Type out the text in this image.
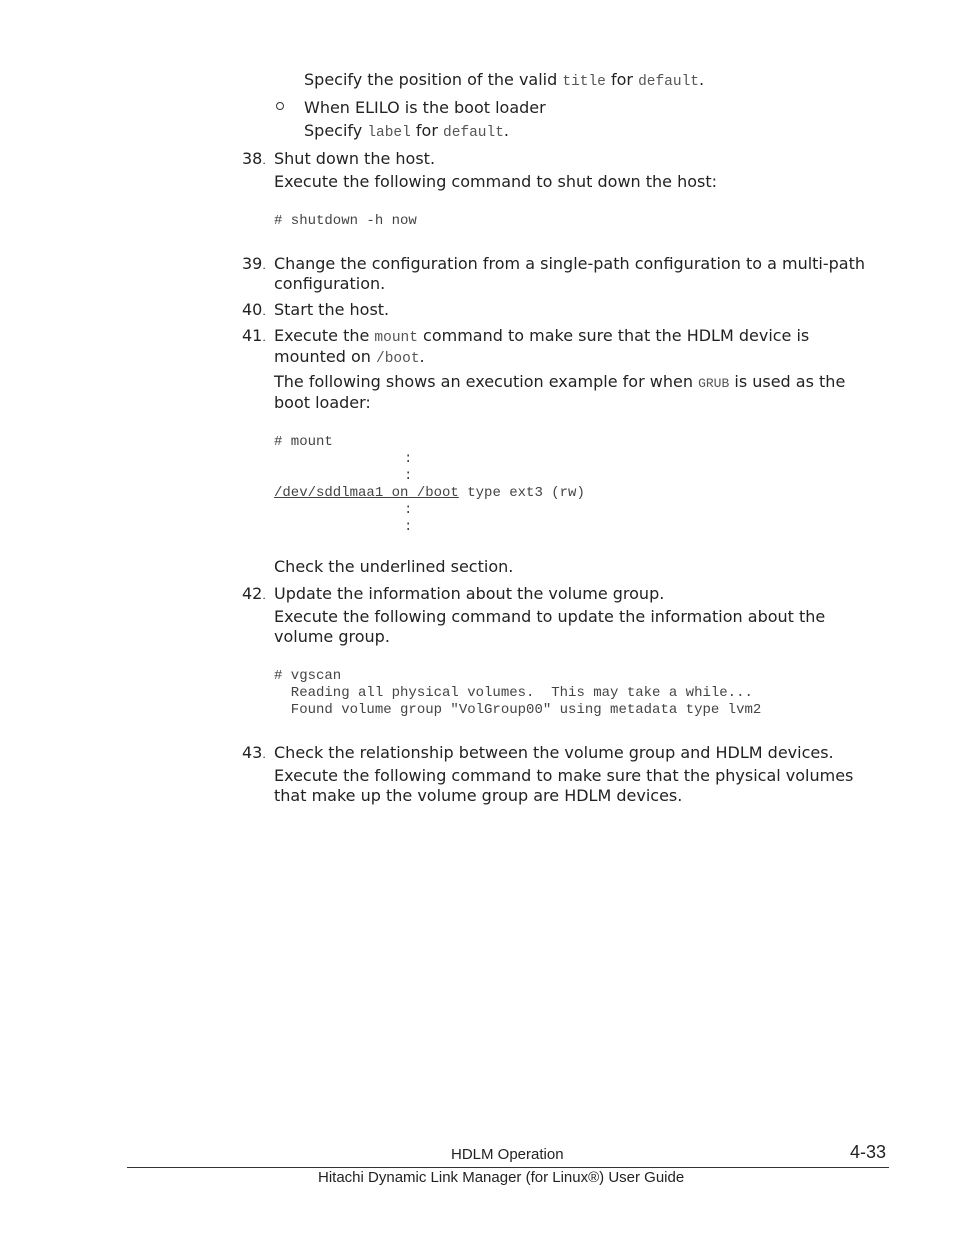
Specify the position of the valid title for default.
When ELILO is the boot loader
Specify label for default.
38. Shut down the host.
Execute the following command to shut down the host:
# shutdown -h now
39. Change the configuration from a single-path configuration to a multi-path
configuration.
40. Start the host.
41. Execute the mount command to make sure that the HDLM device is
mounted on /boot.
The following shows an execution example for when GRUB is used as the
boot loader:
# mount
:
:
/dev/sddlmaa1 on /boot type ext3 (rw)
:
:
Check the underlined section.
42. Update the information about the volume group.
Execute the following command to update the information about the
volume group.
# vgscan
Reading all physical volumes.  This may take a while...
Found volume group "VolGroup00" using metadata type lvm2
43. Check the relationship between the volume group and HDLM devices.
Execute the following command to make sure that the physical volumes
that make up the volume group are HDLM devices.
HDLM Operation	4-33
Hitachi Dynamic Link Manager (for Linux®) User Guide
